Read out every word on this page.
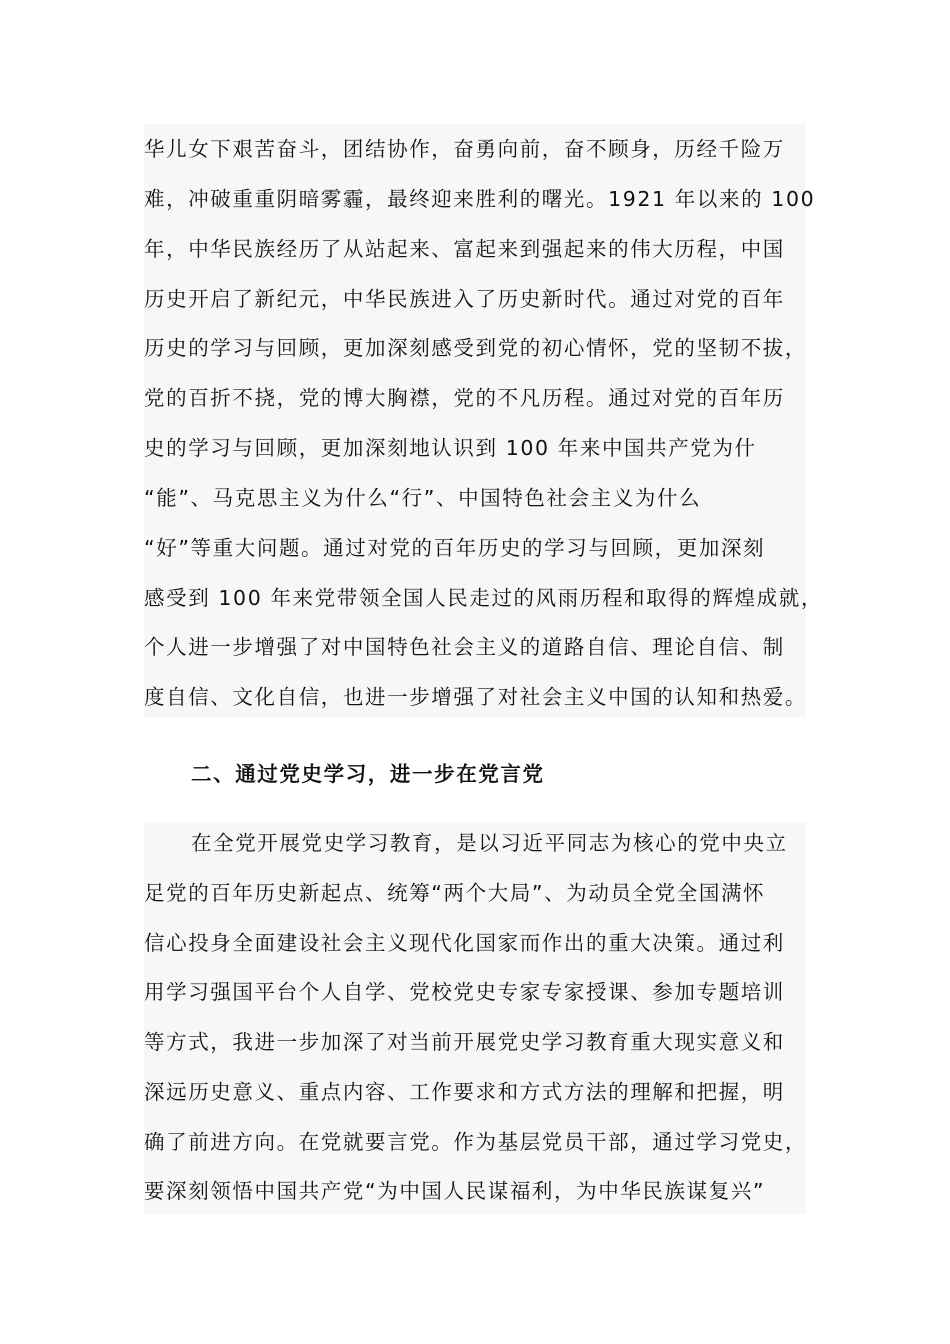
华儿女下艰苦奋斗，团结协作，奋勇向前，奋不顾身，历经千险万
难，冲破重重阴暗雾霾，最终迎来胜利的曙光。1921 年以来的 100
年，中华民族经历了从站起来、富起来到强起来的伟大历程，中国
历史开启了新纪元，中华民族进入了历史新时代。通过对党的百年
历史的学习与回顾，更加深刻感受到党的初心情怀，党的坚韧不拔，
党的百折不挠，党的博大胸襟，党的不凡历程。通过对党的百年历
史的学习与回顾，更加深刻地认识到 100 年来中国共产党为什
“能”、马克思主义为什么“行”、中国特色社会主义为什么
“好”等重大问题。通过对党的百年历史的学习与回顾，更加深刻
感受到 100 年来党带领全国人民走过的风雨历程和取得的辉煌成就，
个人进一步增强了对中国特色社会主义的道路自信、理论自信、制
度自信、文化自信，也进一步增强了对社会主义中国的认知和热爱。
二、通过党史学习，进一步在党言党
在全党开展党史学习教育，是以习近平同志为核心的党中央立
足党的百年历史新起点、统筹“两个大局”、为动员全党全国满怀
信心投身全面建设社会主义现代化国家而作出的重大决策。通过利
用学习强国平台个人自学、党校党史专家专家授课、参加专题培训
等方式，我进一步加深了对当前开展党史学习教育重大现实意义和
深远历史意义、重点内容、工作要求和方式方法的理解和把握，明
确了前进方向。在党就要言党。作为基层党员干部，通过学习党史，
要深刻领悟中国共产党“为中国人民谋福利，为中华民族谋复兴”
